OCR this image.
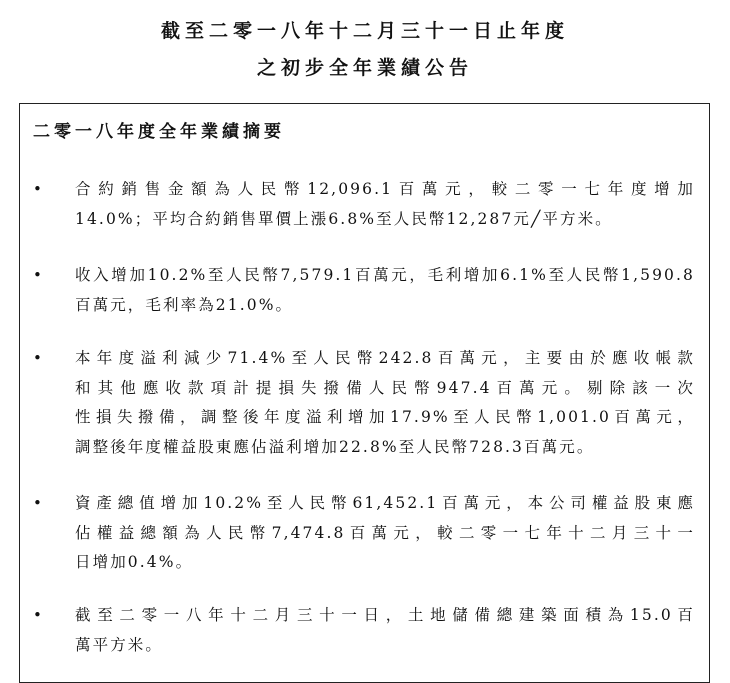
截至二零一八年十二月三十一日止年度
之初步全年業績公告
二零一八年度全年業績摘要
• 合約銷售金額為人民幣12,096.1百萬元，較二零一七年度增加
14.0%；平均合約銷售單價上漲6.8%至人民幣12,287元╱平方米。
• 收入增加10.2%至人民幣7,579.1百萬元，毛利增加6.1%至人民幣1,590.8
百萬元，毛利率為21.0%。
• 本年度溢利減少71.4%至人民幣242.8百萬元，主要由於應收帳款
和其他應收款項計提損失撥備人民幣947.4百萬元。剔除該一次
性損失撥備，調整後年度溢利增加17.9%至人民幣1,001.0百萬元，
調整後年度權益股東應佔溢利增加22.8%至人民幣728.3百萬元。
• 資產總值增加10.2%至人民幣61,452.1百萬元，本公司權益股東應
佔權益總額為人民幣7,474.8百萬元，較二零一七年十二月三十一
日增加0.4%。
• 截至二零一八年十二月三十一日，土地儲備總建築面積為15.0百
萬平方米。
